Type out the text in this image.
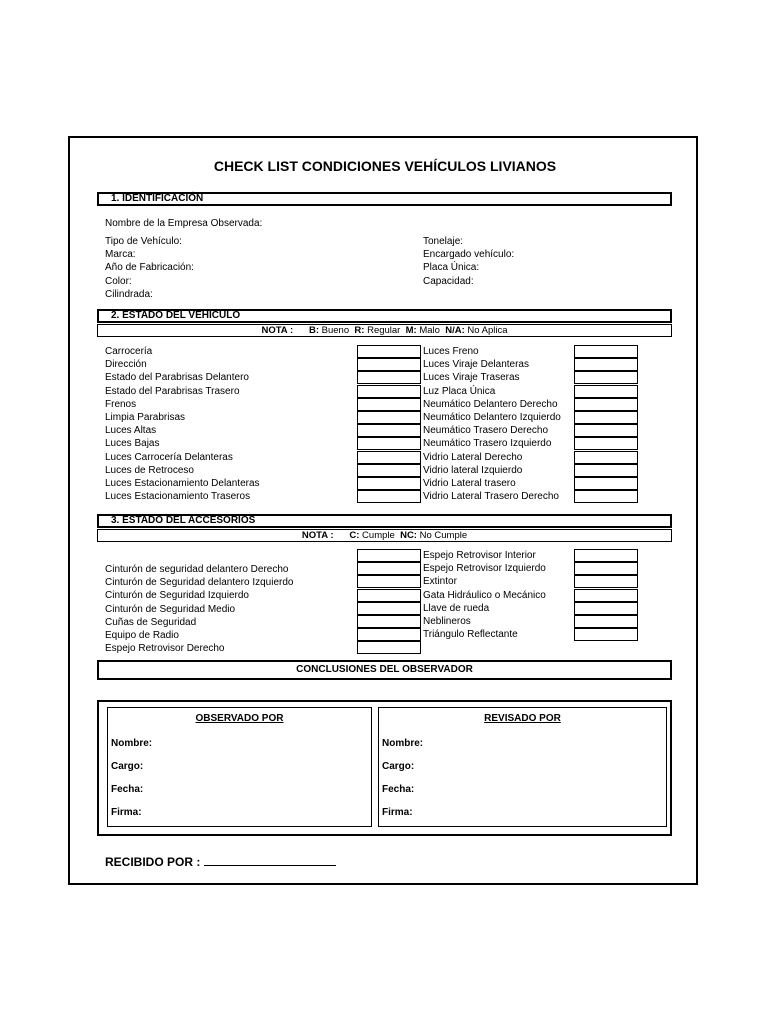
CHECK LIST CONDICIONES VEHÍCULOS LIVIANOS
1. IDENTIFICACIÓN
Nombre de la Empresa Observada:
Tipo de Vehículo:
Marca:
Año de Fabricación:
Color:
Cilindrada:
Tonelaje:
Encargado vehículo:
Placa Única:
Capacidad:
2. ESTADO DEL VEHICULO
NOTA : B: Bueno R: Regular M: Malo N/A: No Aplica
Carrocería
Dirección
Estado del Parabrisas Delantero
Estado del Parabrisas Trasero
Frenos
Limpia Parabrisas
Luces Altas
Luces Bajas
Luces Carrocería Delanteras
Luces de Retroceso
Luces Estacionamiento Delanteras
Luces Estacionamiento Traseros
Luces Freno
Luces Viraje Delanteras
Luces Viraje Traseras
Luz Placa Única
Neumático Delantero Derecho
Neumático Delantero Izquierdo
Neumático Trasero Derecho
Neumático Trasero Izquierdo
Vidrio Lateral Derecho
Vidrio lateral Izquierdo
Vidrio Lateral trasero
Vidrio Lateral Trasero Derecho
3. ESTADO DEL ACCESORIOS
NOTA : C: Cumple NC: No Cumple
Cinturón de seguridad delantero Derecho
Cinturón de Seguridad delantero Izquierdo
Cinturón de Seguridad Izquierdo
Cinturón de Seguridad Medio
Cuñas de Seguridad
Equipo de Radio
Espejo Retrovisor Derecho
Espejo Retrovisor Interior
Espejo Retrovisor Izquierdo
Extintor
Gata Hidráulico o Mecánico
Llave de rueda
Neblineros
Triángulo Reflectante
CONCLUSIONES DEL OBSERVADOR
OBSERVADO POR
Nombre:
Cargo:
Fecha:
Firma:
REVISADO POR
Nombre:
Cargo:
Fecha:
Firma:
RECIBIDO POR :
